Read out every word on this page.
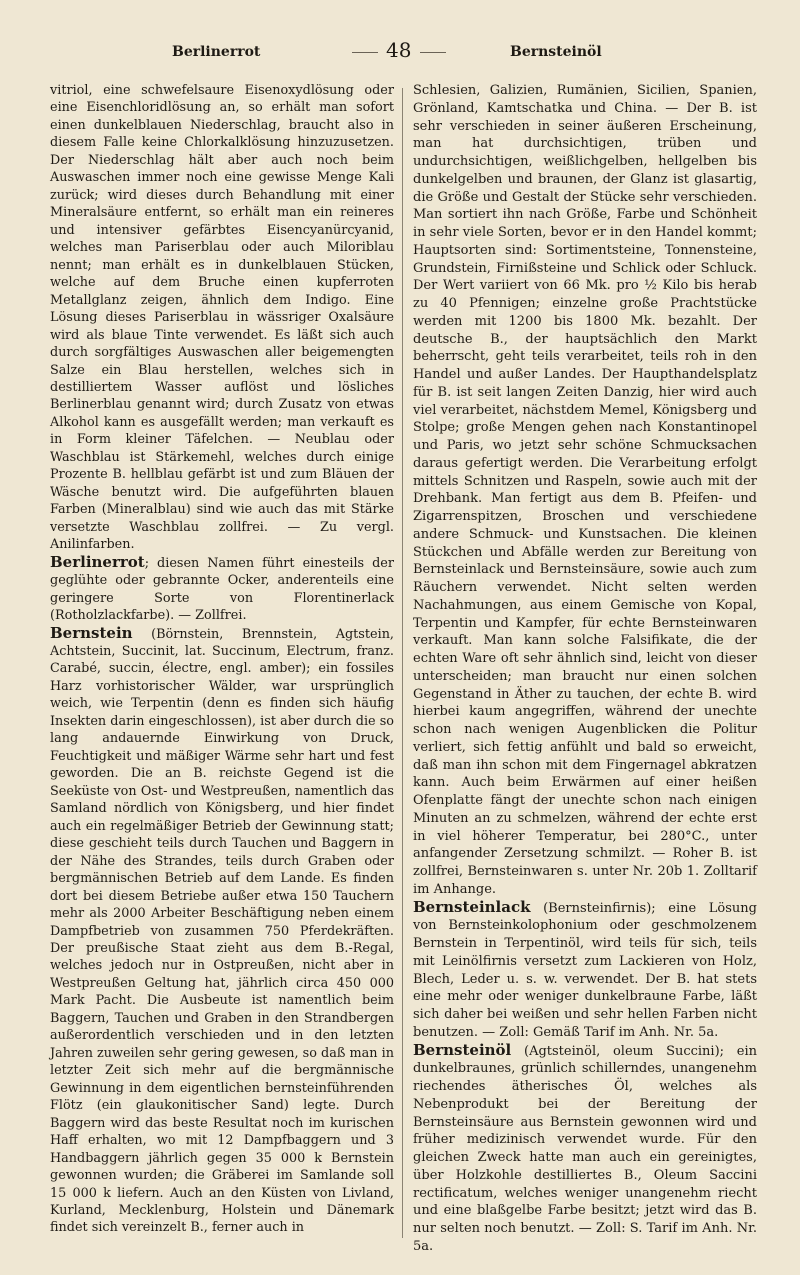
Berlinerrot	48	Bernsteinöl

vitriol, eine schwefelsaure Eisenoxydlösung oder eine Eisenchloridlösung an, so erhält man sofort einen dunkelblauen Niederschlag, braucht also in diesem Falle keine Chlorkalklösung hinzuzusetzen. Der Niederschlag hält aber auch noch beim Auswaschen immer noch eine gewisse Menge Kali zurück; wird dieses durch Behandlung mit einer Mineralsäure entfernt, so erhält man ein reineres und intensiver gefärbtes Eisencyanürcyanid, welches man Pariserblau oder auch Miloriblau nennt; man erhält es in dunkelblauen Stücken, welche auf dem Bruche einen kupferroten Metallglanz zeigen, ähnlich dem Indigo. Eine Lösung dieses Pariserblau in wässriger Oxalsäure wird als blaue Tinte verwendet. Es läßt sich auch durch sorgfältiges Auswaschen aller beigemengten Salze ein Blau herstellen, welches sich in destilliertem Wasser auflöst und lösliches Berlinerblau genannt wird; durch Zusatz von etwas Alkohol kann es ausgefällt werden; man verkauft es in Form kleiner Täfelchen. — Neublau oder Waschblau ist Stärkemehl, welches durch einige Prozente B. hellblau gefärbt ist und zum Bläuen der Wäsche benutzt wird. Die aufgeführten blauen Farben (Mineralblau) sind wie auch das mit Stärke versetzte Waschblau zollfrei. — Zu vergl. Anilinfarben.

Berlinerrot; diesen Namen führt einesteils der geglühte oder gebrannte Ocker, anderenteils eine geringere Sorte von Florentinerlack (Rotholzlackfarbe). — Zollfrei.

Bernstein (Börnstein, Brennstein, Agtstein, Achtstein, Succinit, lat. Succinum, Electrum, franz. Carabé, succin, électre, engl. amber); ein fossiles Harz vorhistorischer Wälder, war ursprünglich weich, wie Terpentin (denn es finden sich häufig Insekten darin eingeschlossen), ist aber durch die so lang andauernde Einwirkung von Druck, Feuchtigkeit und mäßiger Wärme sehr hart und fest geworden. Die an B. reichste Gegend ist die Seeküste von Ost- und Westpreußen, namentlich das Samland nördlich von Königsberg, und hier findet auch ein regelmäßiger Betrieb der Gewinnung statt; diese geschieht teils durch Tauchen und Baggern in der Nähe des Strandes, teils durch Graben oder bergmännischen Betrieb auf dem Lande. Es finden dort bei diesem Betriebe außer etwa 150 Tauchern mehr als 2000 Arbeiter Beschäftigung neben einem Dampfbetrieb von zusammen 750 Pferdekräften. Der preußische Staat zieht aus dem B.-Regal, welches jedoch nur in Ostpreußen, nicht aber in Westpreußen Geltung hat, jährlich circa 450 000 Mark Pacht. Die Ausbeute ist namentlich beim Baggern, Tauchen und Graben in den Strandbergen außerordentlich verschieden und in den letzten Jahren zuweilen sehr gering gewesen, so daß man in letzter Zeit sich mehr auf die bergmännische Gewinnung in dem eigentlichen bernsteinführenden Flötz (ein glaukonitischer Sand) legte. Durch Baggern wird das beste Resultat noch im kurischen Haff erhalten, wo mit 12 Dampfbaggern und 3 Handbaggern jährlich gegen 35 000 k Bernstein gewonnen wurden; die Gräberei im Samlande soll 15 000 k liefern. Auch an den Küsten von Livland, Kurland, Mecklenburg, Holstein und Dänemark findet sich vereinzelt B., ferner auch in

Schlesien, Galizien, Rumänien, Sicilien, Spanien, Grönland, Kamtschatka und China. — Der B. ist sehr verschieden in seiner äußeren Erscheinung, man hat durchsichtigen, trüben und undurchsichtigen, weißlichgelben, hellgelben bis dunkelgelben und braunen, der Glanz ist glasartig, die Größe und Gestalt der Stücke sehr verschieden. Man sortiert ihn nach Größe, Farbe und Schönheit in sehr viele Sorten, bevor er in den Handel kommt; Hauptsorten sind: Sortimentsteine, Tonnensteine, Grundstein, Firnißsteine und Schlick oder Schluck. Der Wert variiert von 66 Mk. pro ½ Kilo bis herab zu 40 Pfennigen; einzelne große Prachtstücke werden mit 1200 bis 1800 Mk. bezahlt. Der deutsche B., der hauptsächlich den Markt beherrscht, geht teils verarbeitet, teils roh in den Handel und außer Landes. Der Haupthandelsplatz für B. ist seit langen Zeiten Danzig, hier wird auch viel verarbeitet, nächstdem Memel, Königsberg und Stolpe; große Mengen gehen nach Konstantinopel und Paris, wo jetzt sehr schöne Schmucksachen daraus gefertigt werden. Die Verarbeitung erfolgt mittels Schnitzen und Raspeln, sowie auch mit der Drehbank. Man fertigt aus dem B. Pfeifen- und Zigarrenspitzen, Broschen und verschiedene andere Schmuck- und Kunstsachen. Die kleinen Stückchen und Abfälle werden zur Bereitung von Bernsteinlack und Bernsteinsäure, sowie auch zum Räuchern verwendet. Nicht selten werden Nachahmungen, aus einem Gemische von Kopal, Terpentin und Kampfer, für echte Bernsteinwaren verkauft. Man kann solche Falsifikate, die der echten Ware oft sehr ähnlich sind, leicht von dieser unterscheiden; man braucht nur einen solchen Gegenstand in Äther zu tauchen, der echte B. wird hierbei kaum angegriffen, während der unechte schon nach wenigen Augenblicken die Politur verliert, sich fettig anfühlt und bald so erweicht, daß man ihn schon mit dem Fingernagel abkratzen kann. Auch beim Erwärmen auf einer heißen Ofenplatte fängt der unechte schon nach einigen Minuten an zu schmelzen, während der echte erst in viel höherer Temperatur, bei 280°C., unter anfangender Zersetzung schmilzt. — Roher B. ist zollfrei, Bernsteinwaren s. unter Nr. 20b 1. Zolltarif im Anhange.

Bernsteinlack (Bernsteinfirnis); eine Lösung von Bernsteinkolophonium oder geschmolzenem Bernstein in Terpentinöl, wird teils für sich, teils mit Leinölfirnis versetzt zum Lackieren von Holz, Blech, Leder u. s. w. verwendet. Der B. hat stets eine mehr oder weniger dunkelbraune Farbe, läßt sich daher bei weißen und sehr hellen Farben nicht benutzen. — Zoll: Gemäß Tarif im Anh. Nr. 5a.

Bernsteinöl (Agtsteinöl, oleum Succini); ein dunkelbraunes, grünlich schillerndes, unangenehm riechendes ätherisches Öl, welches als Nebenprodukt bei der Bereitung der Bernsteinsäure aus Bernstein gewonnen wird und früher medizinisch verwendet wurde. Für den gleichen Zweck hatte man auch ein gereinigtes, über Holzkohle destilliertes B., Oleum Saccini rectificatum, welches weniger unangenehm riecht und eine blaßgelbe Farbe besitzt; jetzt wird das B. nur selten noch benutzt. — Zoll: S. Tarif im Anh. Nr. 5a.
